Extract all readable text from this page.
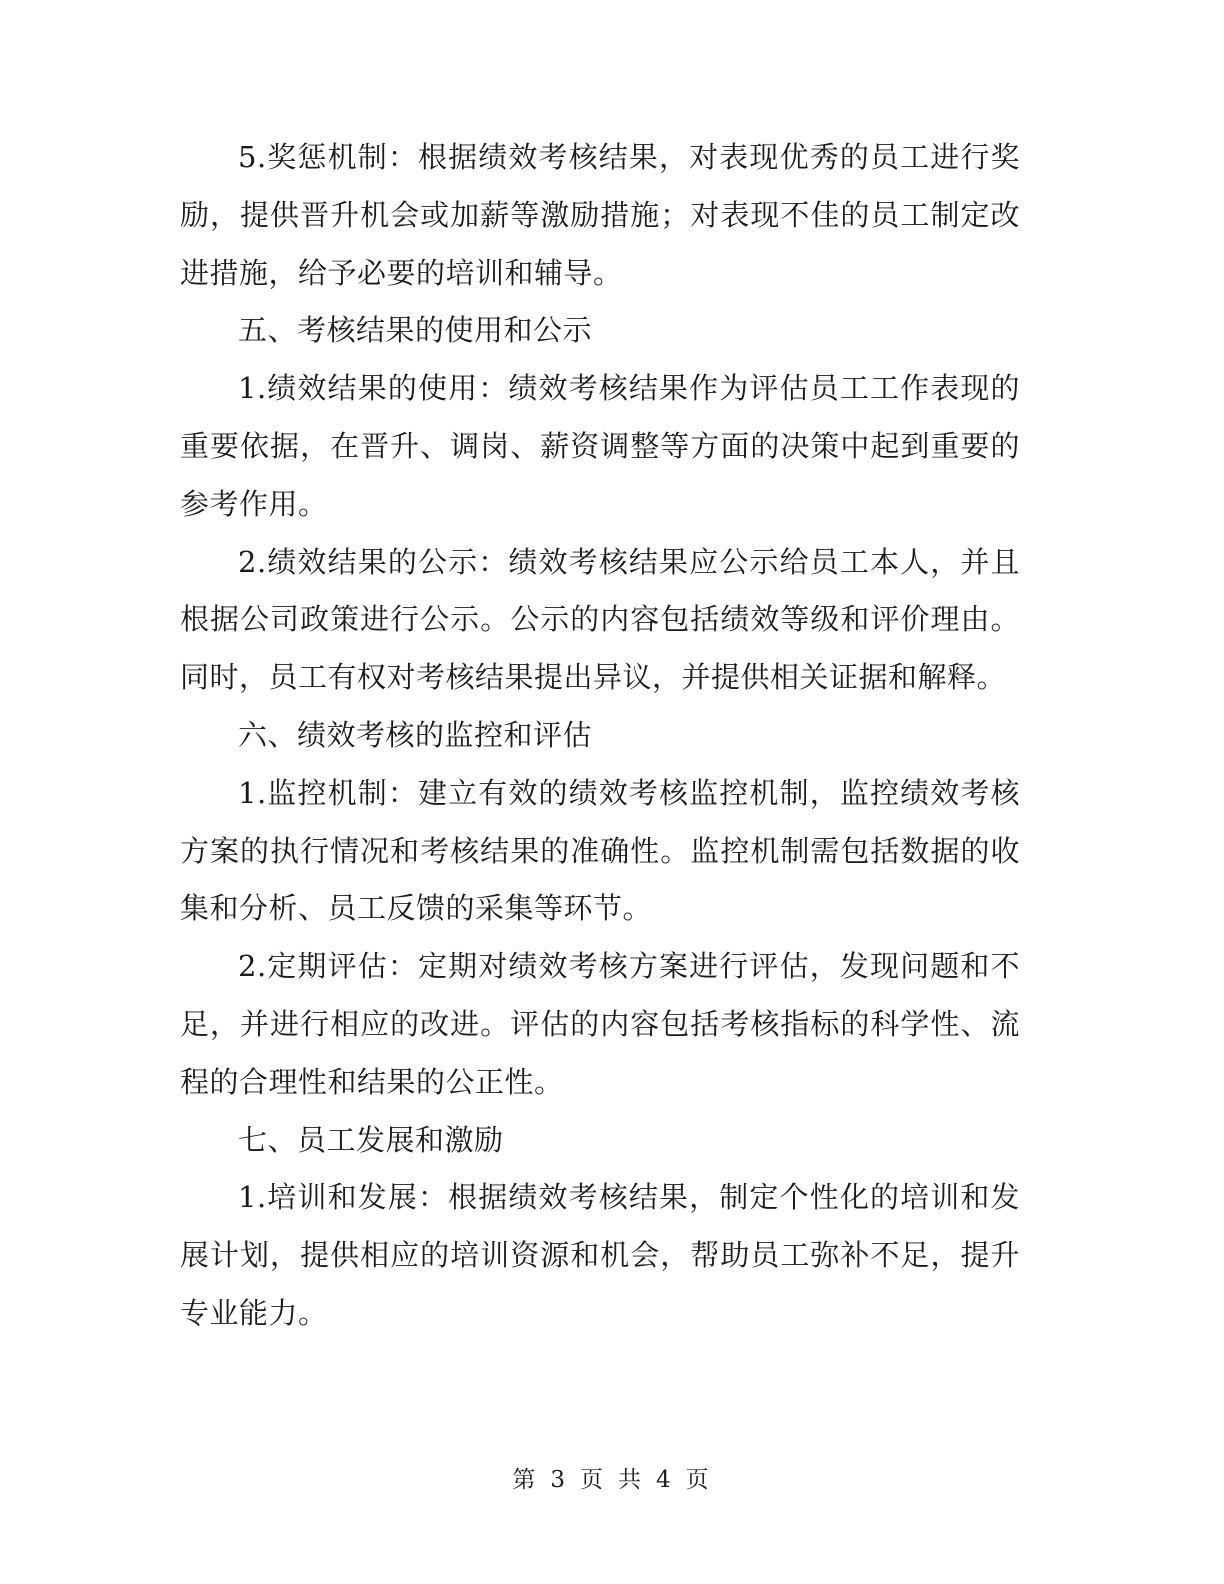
5.奖惩机制：根据绩效考核结果，对表现优秀的员工进行奖励，提供晋升机会或加薪等激励措施；对表现不佳的员工制定改进措施，给予必要的培训和辅导。

五、考核结果的使用和公示

1.绩效结果的使用：绩效考核结果作为评估员工工作表现的重要依据，在晋升、调岗、薪资调整等方面的决策中起到重要的参考作用。

2.绩效结果的公示：绩效考核结果应公示给员工本人，并且根据公司政策进行公示。公示的内容包括绩效等级和评价理由。同时，员工有权对考核结果提出异议，并提供相关证据和解释。

六、绩效考核的监控和评估

1.监控机制：建立有效的绩效考核监控机制，监控绩效考核方案的执行情况和考核结果的准确性。监控机制需包括数据的收集和分析、员工反馈的采集等环节。

2.定期评估：定期对绩效考核方案进行评估，发现问题和不足，并进行相应的改进。评估的内容包括考核指标的科学性、流程的合理性和结果的公正性。

七、员工发展和激励

1.培训和发展：根据绩效考核结果，制定个性化的培训和发展计划，提供相应的培训资源和机会，帮助员工弥补不足，提升专业能力。

第 3 页 共 4 页
